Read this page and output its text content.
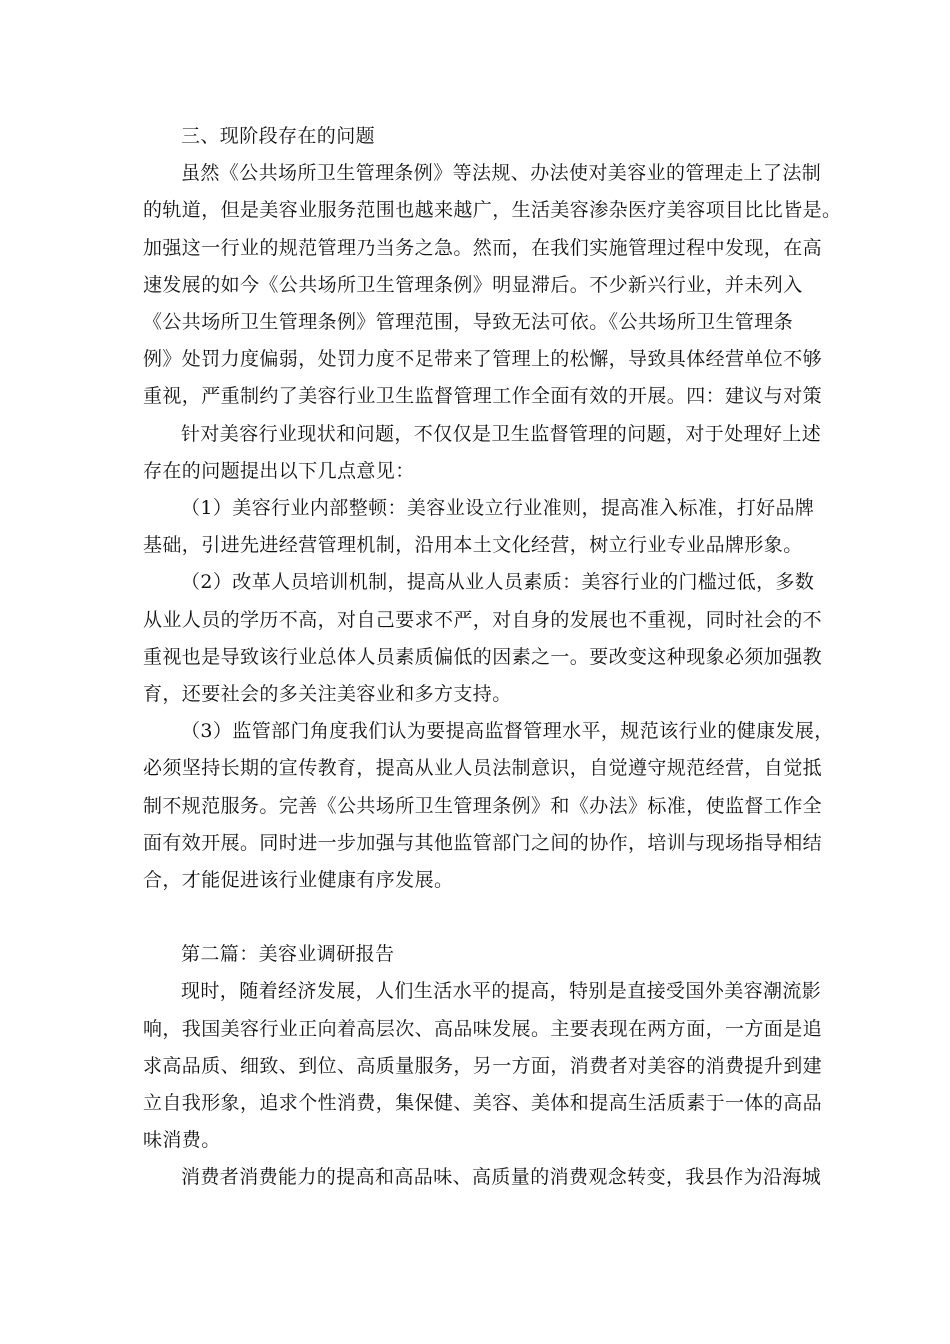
三、现阶段存在的问题
虽然《公共场所卫生管理条例》等法规、办法使对美容业的管理走上了法制
的轨道，但是美容业服务范围也越来越广，生活美容渗杂医疗美容项目比比皆是。
加强这一行业的规范管理乃当务之急。然而，在我们实施管理过程中发现，在高
速发展的如今《公共场所卫生管理条例》明显滞后。不少新兴行业，并未列入
《公共场所卫生管理条例》管理范围，导致无法可依。《公共场所卫生管理条
例》处罚力度偏弱，处罚力度不足带来了管理上的松懈，导致具体经营单位不够
重视，严重制约了美容行业卫生监督管理工作全面有效的开展。四：建议与对策
针对美容行业现状和问题，不仅仅是卫生监督管理的问题，对于处理好上述
存在的问题提出以下几点意见：
（1）美容行业内部整顿：美容业设立行业准则，提高准入标准，打好品牌
基础，引进先进经营管理机制，沿用本土文化经营，树立行业专业品牌形象。
（2）改革人员培训机制，提高从业人员素质：美容行业的门槛过低，多数
从业人员的学历不高，对自己要求不严，对自身的发展也不重视，同时社会的不
重视也是导致该行业总体人员素质偏低的因素之一。要改变这种现象必须加强教
育，还要社会的多关注美容业和多方支持。
（3）监管部门角度我们认为要提高监督管理水平，规范该行业的健康发展，
必须坚持长期的宣传教育，提高从业人员法制意识，自觉遵守规范经营，自觉抵
制不规范服务。完善《公共场所卫生管理条例》和《办法》标准，使监督工作全
面有效开展。同时进一步加强与其他监管部门之间的协作，培训与现场指导相结
合，才能促进该行业健康有序发展。
第二篇：美容业调研报告
现时，随着经济发展，人们生活水平的提高，特别是直接受国外美容潮流影
响，我国美容行业正向着高层次、高品味发展。主要表现在两方面，一方面是追
求高品质、细致、到位、高质量服务，另一方面，消费者对美容的消费提升到建
立自我形象，追求个性消费，集保健、美容、美体和提高生活质素于一体的高品
味消费。
消费者消费能力的提高和高品味、高质量的消费观念转变，我县作为沿海城
